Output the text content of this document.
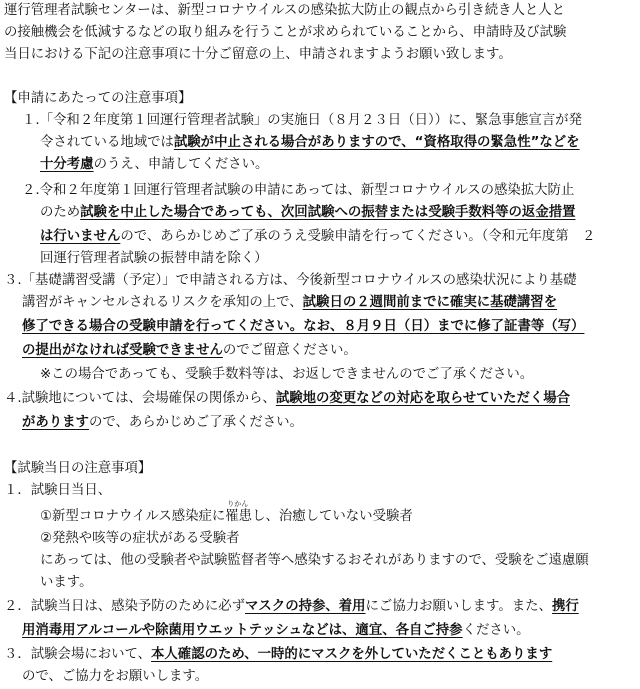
運行管理者試験センターは、新型コロナウイルスの感染拡大防止の観点から引き続き人と人と
の接触機会を低減するなどの取り組みを行うことが求められていることから、申請時及び試験
当日における下記の注意事項に十分ご留意の上、申請されますようお願い致します。
【申請にあたっての注意事項】
１.「令和２年度第１回運行管理者試験」の実施日（８月２３日（日））に、緊急事態宣言が発
令されている地域では試験が中止される場合がありますので、“資格取得の緊急性”などを
十分考慮のうえ、申請してください。
２.令和２年度第１回運行管理者試験の申請にあっては、新型コロナウイルスの感染拡大防止
のため試験を中止した場合であっても、次回試験への振替または受験手数料等の返金措置
は行いませんので、あらかじめご了承のうえ受験申請を行ってください。（令和元年度第　２
回運行管理者試験の振替申請を除く）
３.「基礎講習受講（予定）」で申請される方は、今後新型コロナウイルスの感染状況により基礎
講習がキャンセルされるリスクを承知の上で、試験日の２週間前までに確実に基礎講習を
修了できる場合の受験申請を行ってください。なお、８月９日（日）までに修了証書等（写）
の提出がなければ受験できませんのでご留意ください。
※この場合であっても、受験手数料等は、お返しできませんのでご了承ください。
４.試験地については、会場確保の関係から、試験地の変更などの対応を取らせていただく場合
がありますので、あらかじめご了承ください。
【試験当日の注意事項】
１．試験日当日、
①新型コロナウイルス感染症に
りかん
罹患し、治癒していない受験者
②発熱や咳等の症状がある受験者
にあっては、他の受験者や試験監督者等へ感染するおそれがありますので、受験をご遠慮願
います。
２．試験当日は、感染予防のために必ずマスクの持参、着用にご協力お願いします。また、携行
用消毒用アルコールや除菌用ウエットテッシュなどは、適宜、各自ご持参ください。
３．試験会場において、本人確認のため、一時的にマスクを外していただくこともあります
ので、ご協力をお願いします。
